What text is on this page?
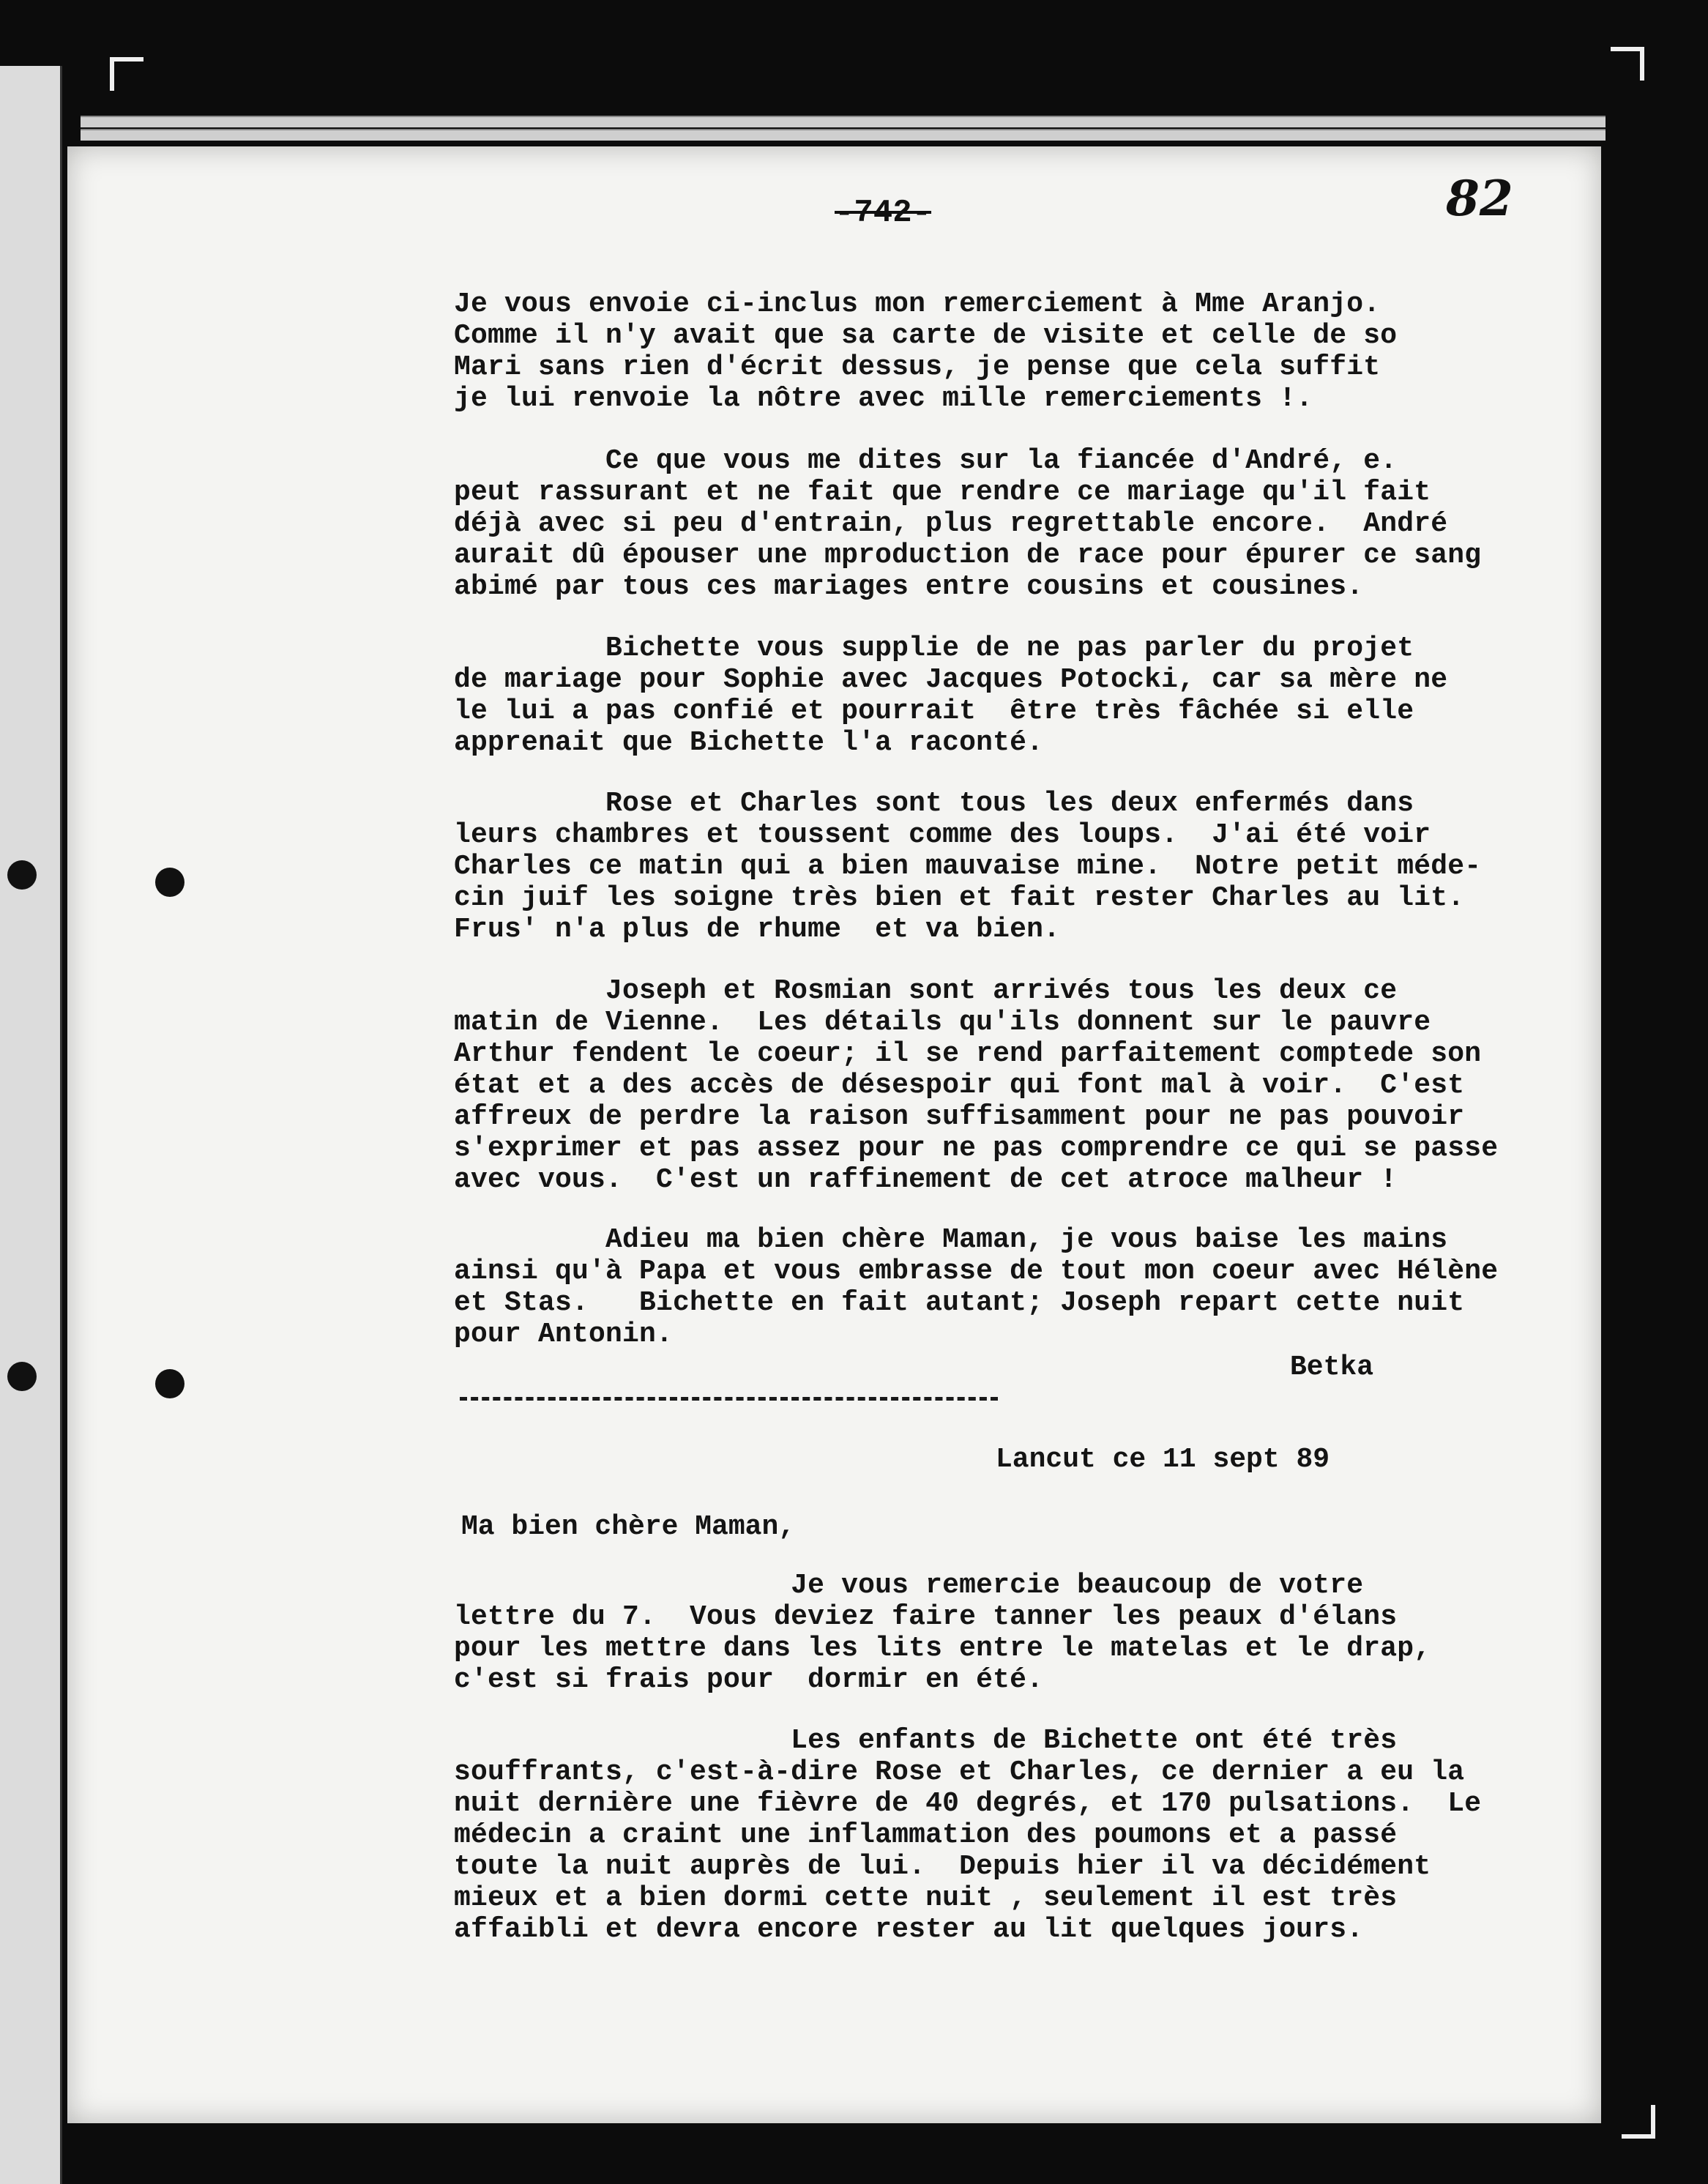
-742-	82
Je vous envoie ci-inclus mon remerciement à Mme Aranjo.
Comme il n'y avait que sa carte de visite et celle de so
Mari sans rien d'écrit dessus, je pense que cela suffit
je lui renvoie la nôtre avec mille remerciements !.
Ce que vous me dites sur la fiancée d'André, e.
peut rassurant et ne fait que rendre ce mariage qu'il fait
déjà avec si peu d'entrain, plus regrettable encore.  André
aurait dû épouser une mproduction de race pour épurer ce sang
abimé par tous ces mariages entre cousins et cousines.
Bichette vous supplie de ne pas parler du projet
de mariage pour Sophie avec Jacques Potocki, car sa mère ne
le lui a pas confié et pourrait  être très fâchée si elle
apprenait que Bichette l'a raconté.
Rose et Charles sont tous les deux enfermés dans
leurs chambres et toussent comme des loups.  J'ai été voir
Charles ce matin qui a bien mauvaise mine.  Notre petit méde-
cin juif les soigne très bien et fait rester Charles au lit.
Frus' n'a plus de rhume  et va bien.
Joseph et Rosmian sont arrivés tous les deux ce
matin de Vienne.  Les détails qu'ils donnent sur le pauvre
Arthur fendent le coeur; il se rend parfaitement comptede son
état et a des accès de désespoir qui font mal à voir.  C'est
affreux de perdre la raison suffisamment pour ne pas pouvoir
s'exprimer et pas assez pour ne pas comprendre ce qui se passe
avec vous.  C'est un raffinement de cet atroce malheur !
Adieu ma bien chère Maman, je vous baise les mains
ainsi qu'à Papa et vous embrasse de tout mon coeur avec Hélène
et Stas.   Bichette en fait autant; Joseph repart cette nuit
pour Antonin.
Betka
Lancut ce 11 sept 89
Ma bien chère Maman,
Je vous remercie beaucoup de votre
lettre du 7.  Vous deviez faire tanner les peaux d'élans
pour les mettre dans les lits entre le matelas et le drap,
c'est si frais pour  dormir en été.
Les enfants de Bichette ont été très
souffrants, c'est-à-dire Rose et Charles, ce dernier a eu la
nuit dernière une fièvre de 40 degrés, et 170 pulsations.  Le
médecin a craint une inflammation des poumons et a passé
toute la nuit auprès de lui.  Depuis hier il va décidément
mieux et a bien dormi cette nuit , seulement il est très
affaibli et devra encore rester au lit quelques jours.
